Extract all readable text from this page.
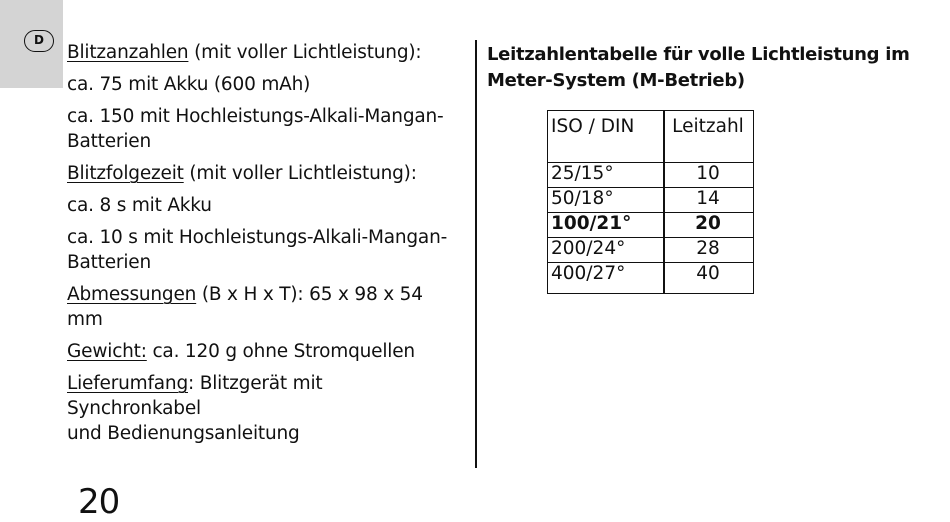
D
Blitzanzahlen (mit voller Lichtleistung):
ca. 75 mit Akku (600 mAh)
ca. 150 mit Hochleistungs-Alkali-Mangan-
Batterien
Blitzfolgezeit (mit voller Lichtleistung):
ca. 8 s mit Akku
ca. 10 s mit Hochleistungs-Alkali-Mangan-
Batterien
Abmessungen (B x H x T): 65 x 98 x 54 mm
Gewicht: ca. 120 g ohne Stromquellen
Lieferumfang: Blitzgerät mit Synchronkabel
und Bedienungsanleitung
Leitzahlentabelle für volle Lichtleistung im
Meter-System (M-Betrieb)
ISO / DIN	Leitzahl
25/15°	10
50/18°	14
100/21°	20
200/24°	28
400/27°	40
20
